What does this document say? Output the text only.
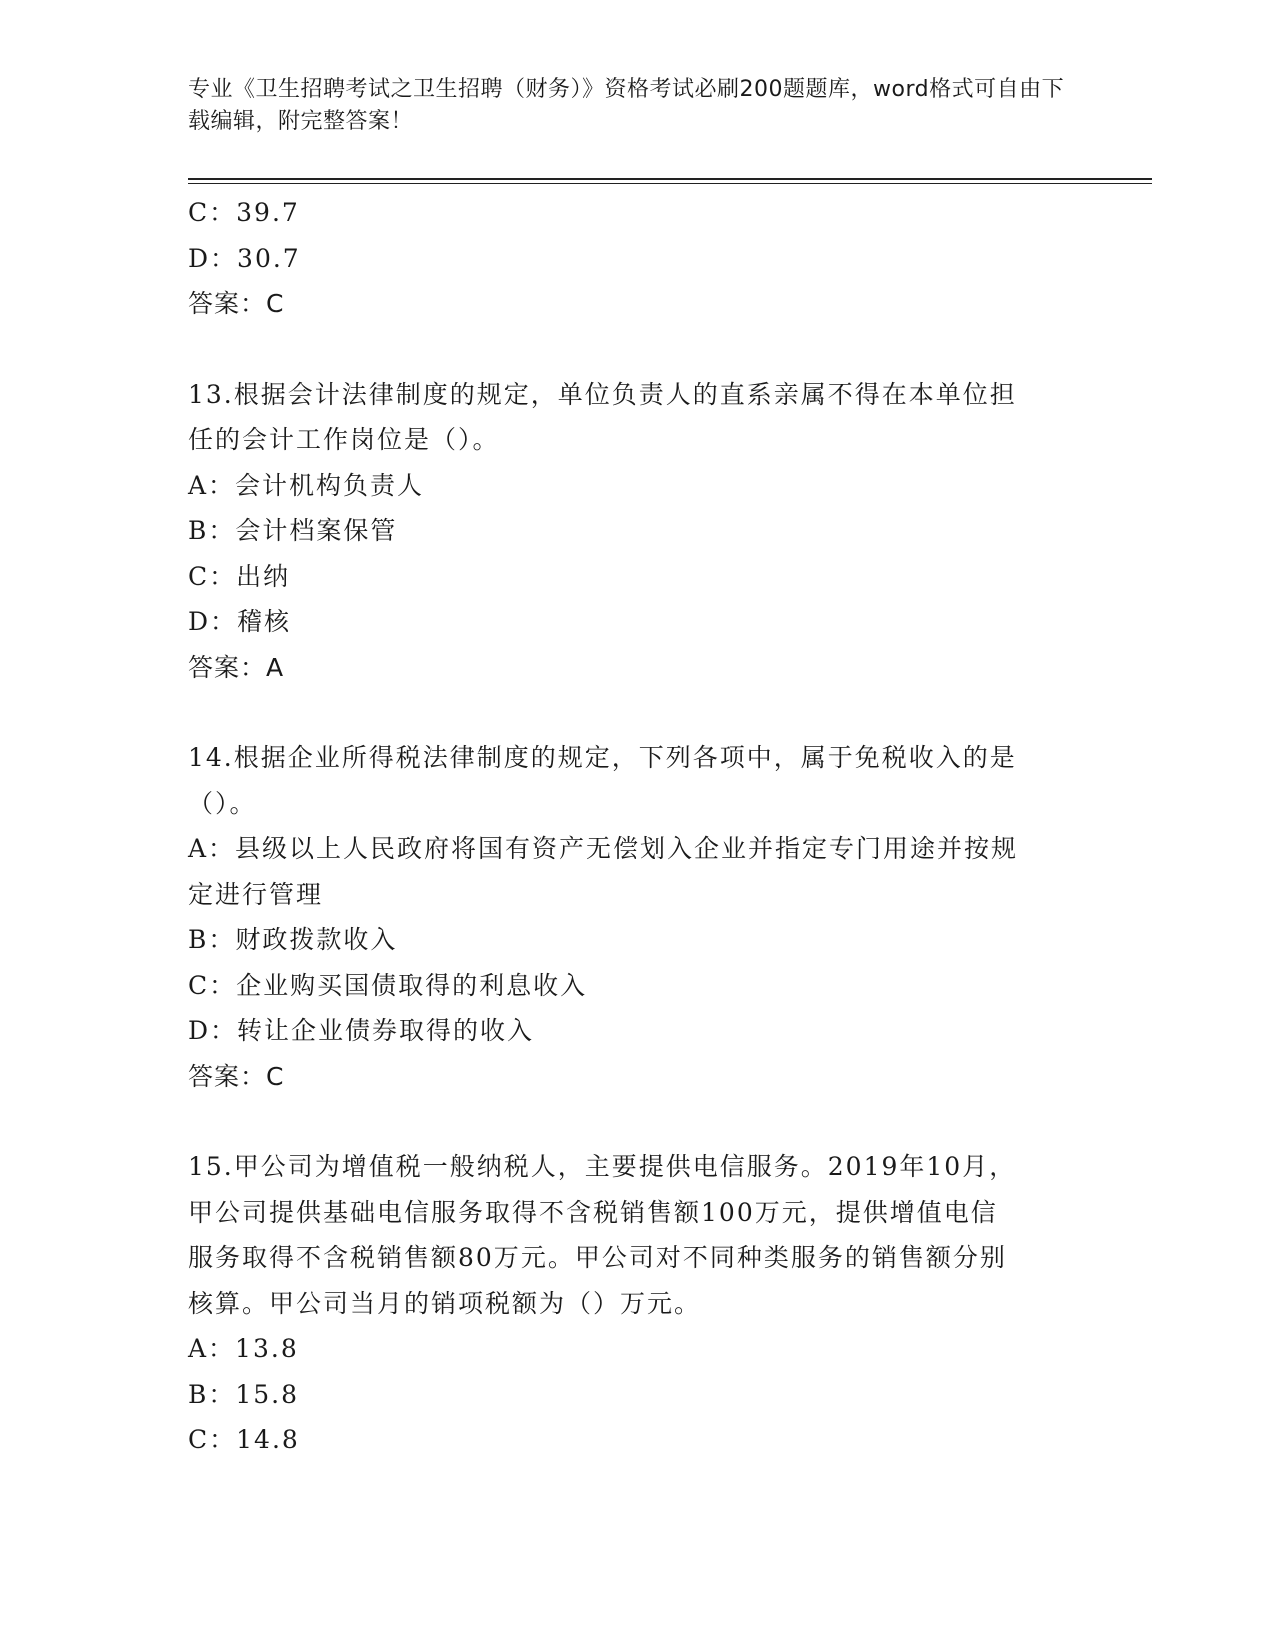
专业《卫生招聘考试之卫生招聘（财务）》资格考试必刷200题题库，word格式可自由下载编辑，附完整答案！
C：39.7
D：30.7
答案：C
13.根据会计法律制度的规定，单位负责人的直系亲属不得在本单位担
任的会计工作岗位是（）。
A：会计机构负责人
B：会计档案保管
C：出纳
D：稽核
答案：A
14.根据企业所得税法律制度的规定，下列各项中，属于免税收入的是
（）。
A：县级以上人民政府将国有资产无偿划入企业并指定专门用途并按规
定进行管理
B：财政拨款收入
C：企业购买国债取得的利息收入
D：转让企业债券取得的收入
答案：C
15.甲公司为增值税一般纳税人，主要提供电信服务。2019年10月，
甲公司提供基础电信服务取得不含税销售额100万元，提供增值电信
服务取得不含税销售额80万元。甲公司对不同种类服务的销售额分别
核算。甲公司当月的销项税额为（）万元。
A：13.8
B：15.8
C：14.8
